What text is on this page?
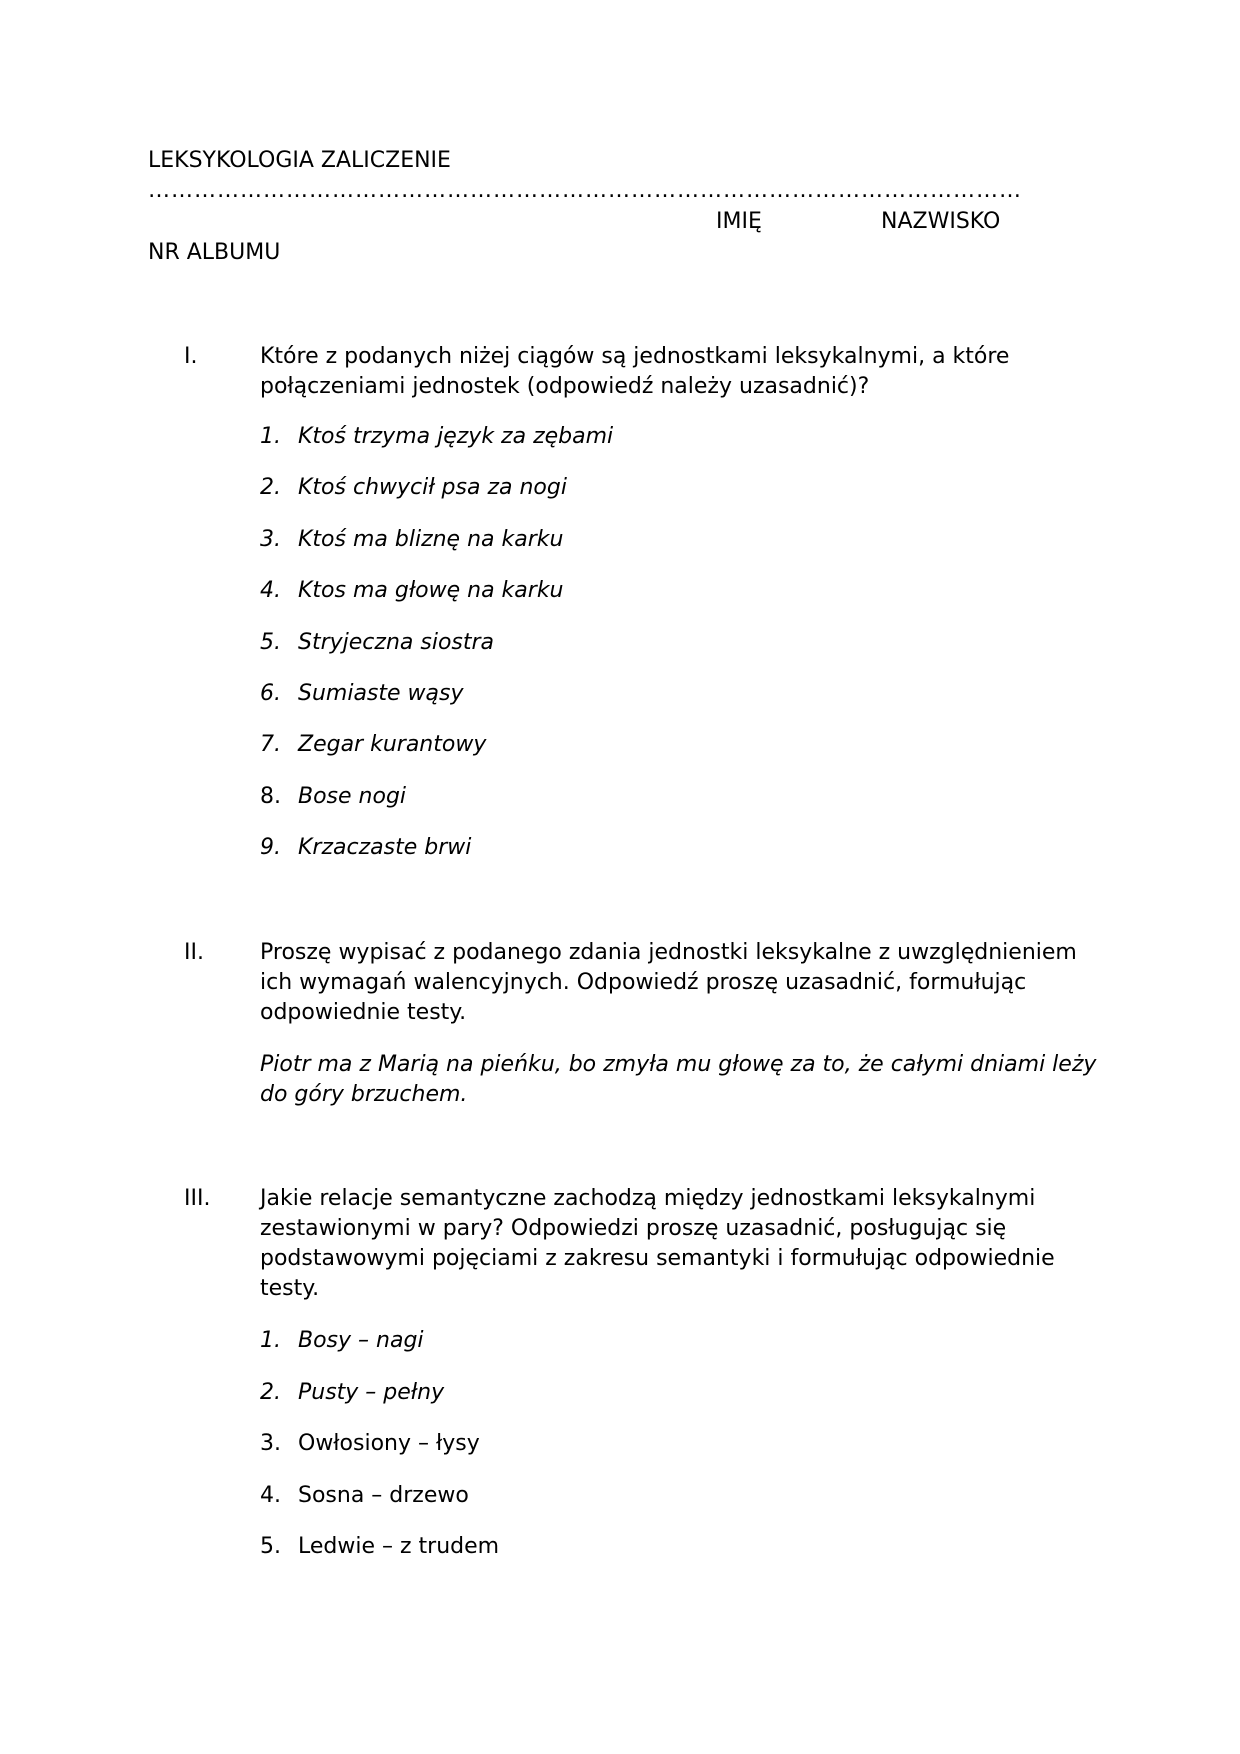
LEKSYKOLOGIA ZALICZENIE
……………………………………………………………………………………………………
IMIĘ	NAZWISKO
NR ALBUMU
I.	Które z podanych niżej ciągów są jednostkami leksykalnymi, a które połączeniami jednostek (odpowiedź należy uzasadnić)?
1. Ktoś trzyma język za zębami
2. Ktoś chwycił psa za nogi
3. Ktoś ma bliznę na karku
4. Ktos ma głowę na karku
5. Stryjeczna siostra
6. Sumiaste wąsy
7. Zegar kurantowy
8. Bose nogi
9. Krzaczaste brwi
II.	Proszę wypisać z podanego zdania jednostki leksykalne z uwzględnieniem ich wymagań walencyjnych. Odpowiedź proszę uzasadnić, formułując odpowiednie testy.
Piotr ma z Marią na pieńku, bo zmyła mu głowę za to, że całymi dniami leży do góry brzuchem.
III. Jakie relacje semantyczne zachodzą między jednostkami leksykalnymi zestawionymi w pary? Odpowiedzi proszę uzasadnić, posługując się podstawowymi pojęciami z zakresu semantyki i formułując odpowiednie testy.
1. Bosy – nagi
2. Pusty – pełny
3. Owłosiony – łysy
4. Sosna – drzewo
5. Ledwie – z trudem
